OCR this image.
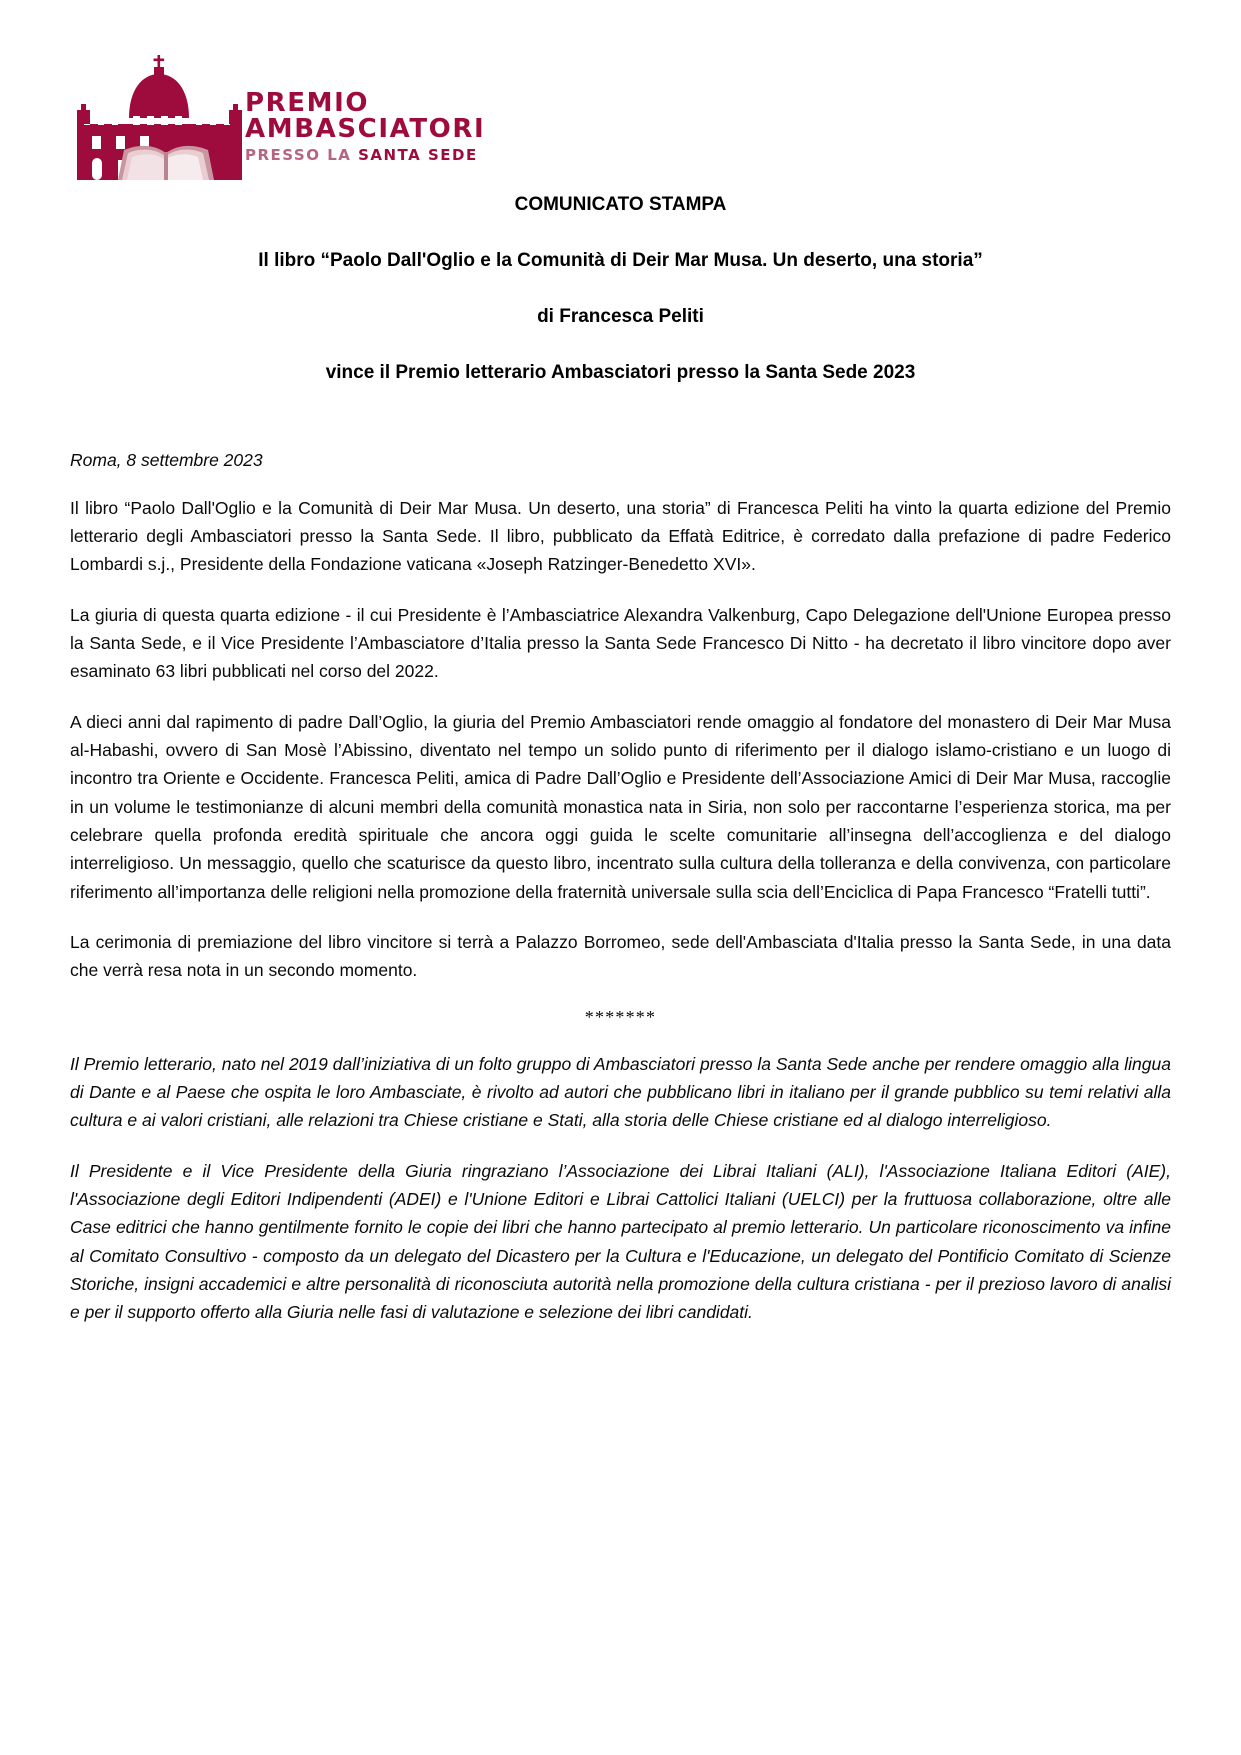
PREMIO
AMBASCIATORI
PRESSO LA SANTA SEDE

COMUNICATO STAMPA

Il libro “Paolo Dall'Oglio e la Comunità di Deir Mar Musa. Un deserto, una storia”

di Francesca Peliti

vince il Premio letterario Ambasciatori presso la Santa Sede 2023

Roma, 8 settembre 2023

Il libro “Paolo Dall'Oglio e la Comunità di Deir Mar Musa. Un deserto, una storia” di Francesca Peliti ha vinto la quarta edizione del Premio letterario degli Ambasciatori presso la Santa Sede. Il libro, pubblicato da Effatà Editrice, è corredato dalla prefazione di padre Federico Lombardi s.j., Presidente della Fondazione vaticana «Joseph Ratzinger-Benedetto XVI».

La giuria di questa quarta edizione - il cui Presidente è l’Ambasciatrice Alexandra Valkenburg, Capo Delegazione dell'Unione Europea presso la Santa Sede, e il Vice Presidente l’Ambasciatore d’Italia presso la Santa Sede Francesco Di Nitto - ha decretato il libro vincitore dopo aver esaminato 63 libri pubblicati nel corso del 2022.

A dieci anni dal rapimento di padre Dall’Oglio, la giuria del Premio Ambasciatori rende omaggio al fondatore del monastero di Deir Mar Musa al-Habashi, ovvero di San Mosè l’Abissino, diventato nel tempo un solido punto di riferimento per il dialogo islamo-cristiano e un luogo di incontro tra Oriente e Occidente. Francesca Peliti, amica di Padre Dall’Oglio e Presidente dell’Associazione Amici di Deir Mar Musa, raccoglie in un volume le testimonianze di alcuni membri della comunità monastica nata in Siria, non solo per raccontarne l’esperienza storica, ma per celebrare quella profonda eredità spirituale che ancora oggi guida le scelte comunitarie all’insegna dell’accoglienza e del dialogo interreligioso. Un messaggio, quello che scaturisce da questo libro, incentrato sulla cultura della tolleranza e della convivenza, con particolare riferimento all’importanza delle religioni nella promozione della fraternità universale sulla scia dell’Enciclica di Papa Francesco “Fratelli tutti”.

La cerimonia di premiazione del libro vincitore si terrà a Palazzo Borromeo, sede dell'Ambasciata d'Italia presso la Santa Sede, in una data che verrà resa nota in un secondo momento.

*******

Il Premio letterario, nato nel 2019 dall’iniziativa di un folto gruppo di Ambasciatori presso la Santa Sede anche per rendere omaggio alla lingua di Dante e al Paese che ospita le loro Ambasciate, è rivolto ad autori che pubblicano libri in italiano per il grande pubblico su temi relativi alla cultura e ai valori cristiani, alle relazioni tra Chiese cristiane e Stati, alla storia delle Chiese cristiane ed al dialogo interreligioso.

Il Presidente e il Vice Presidente della Giuria ringraziano l’Associazione dei Librai Italiani (ALI), l'Associazione Italiana Editori (AIE), l'Associazione degli Editori Indipendenti (ADEI) e l'Unione Editori e Librai Cattolici Italiani (UELCI) per la fruttuosa collaborazione, oltre alle Case editrici che hanno gentilmente fornito le copie dei libri che hanno partecipato al premio letterario. Un particolare riconoscimento va infine al Comitato Consultivo - composto da un delegato del Dicastero per la Cultura e l'Educazione, un delegato del Pontificio Comitato di Scienze Storiche, insigni accademici e altre personalità di riconosciuta autorità nella promozione della cultura cristiana - per il prezioso lavoro di analisi e per il supporto offerto alla Giuria nelle fasi di valutazione e selezione dei libri candidati.
